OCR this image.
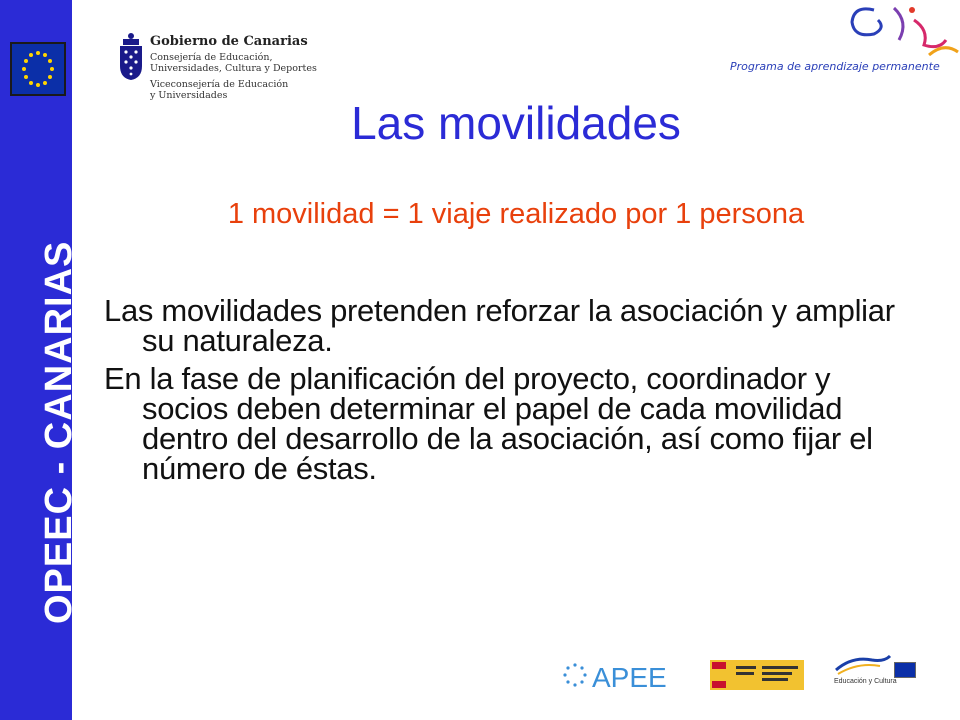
OPEEC - CANARIAS
Gobierno de Canarias
Consejería de Educación,
Universidades, Cultura y Deportes
Viceconsejería de Educación
y Universidades
Programa de aprendizaje permanente
Las movilidades
1 movilidad = 1 viaje realizado por 1 persona

Las movilidades pretenden reforzar la asociación y ampliar su naturaleza.

En la fase de planificación del proyecto, coordinador y socios deben determinar el papel de cada movilidad dentro del desarrollo de la asociación, así como fijar el número de éstas.

APEE	Educación y Cultura
